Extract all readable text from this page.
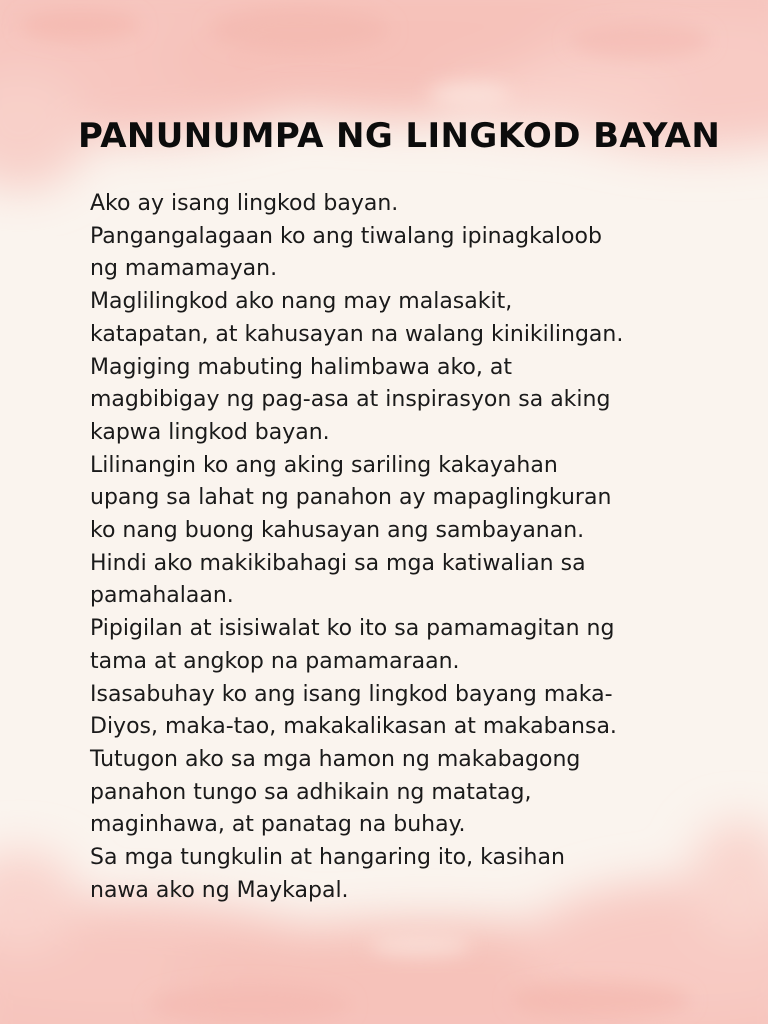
PANUNUMPA NG LINGKOD BAYAN
Ako ay isang lingkod bayan.
Pangangalagaan ko ang tiwalang ipinagkaloob
ng mamamayan.
Maglilingkod ako nang may malasakit,
katapatan, at kahusayan na walang kinikilingan.
Magiging mabuting halimbawa ako, at
magbibigay ng pag-asa at inspirasyon sa aking
kapwa lingkod bayan.
Lilinangin ko ang aking sariling kakayahan
upang sa lahat ng panahon ay mapaglingkuran
ko nang buong kahusayan ang sambayanan.
Hindi ako makikibahagi sa mga katiwalian sa
pamahalaan.
Pipigilan at isisiwalat ko ito sa pamamagitan ng
tama at angkop na pamamaraan.
Isasabuhay ko ang isang lingkod bayang maka-
Diyos, maka-tao, makakalikasan at makabansa.
Tutugon ako sa mga hamon ng makabagong
panahon tungo sa adhikain ng matatag,
maginhawa, at panatag na buhay.
Sa mga tungkulin at hangaring ito, kasihan
nawa ako ng Maykapal.
